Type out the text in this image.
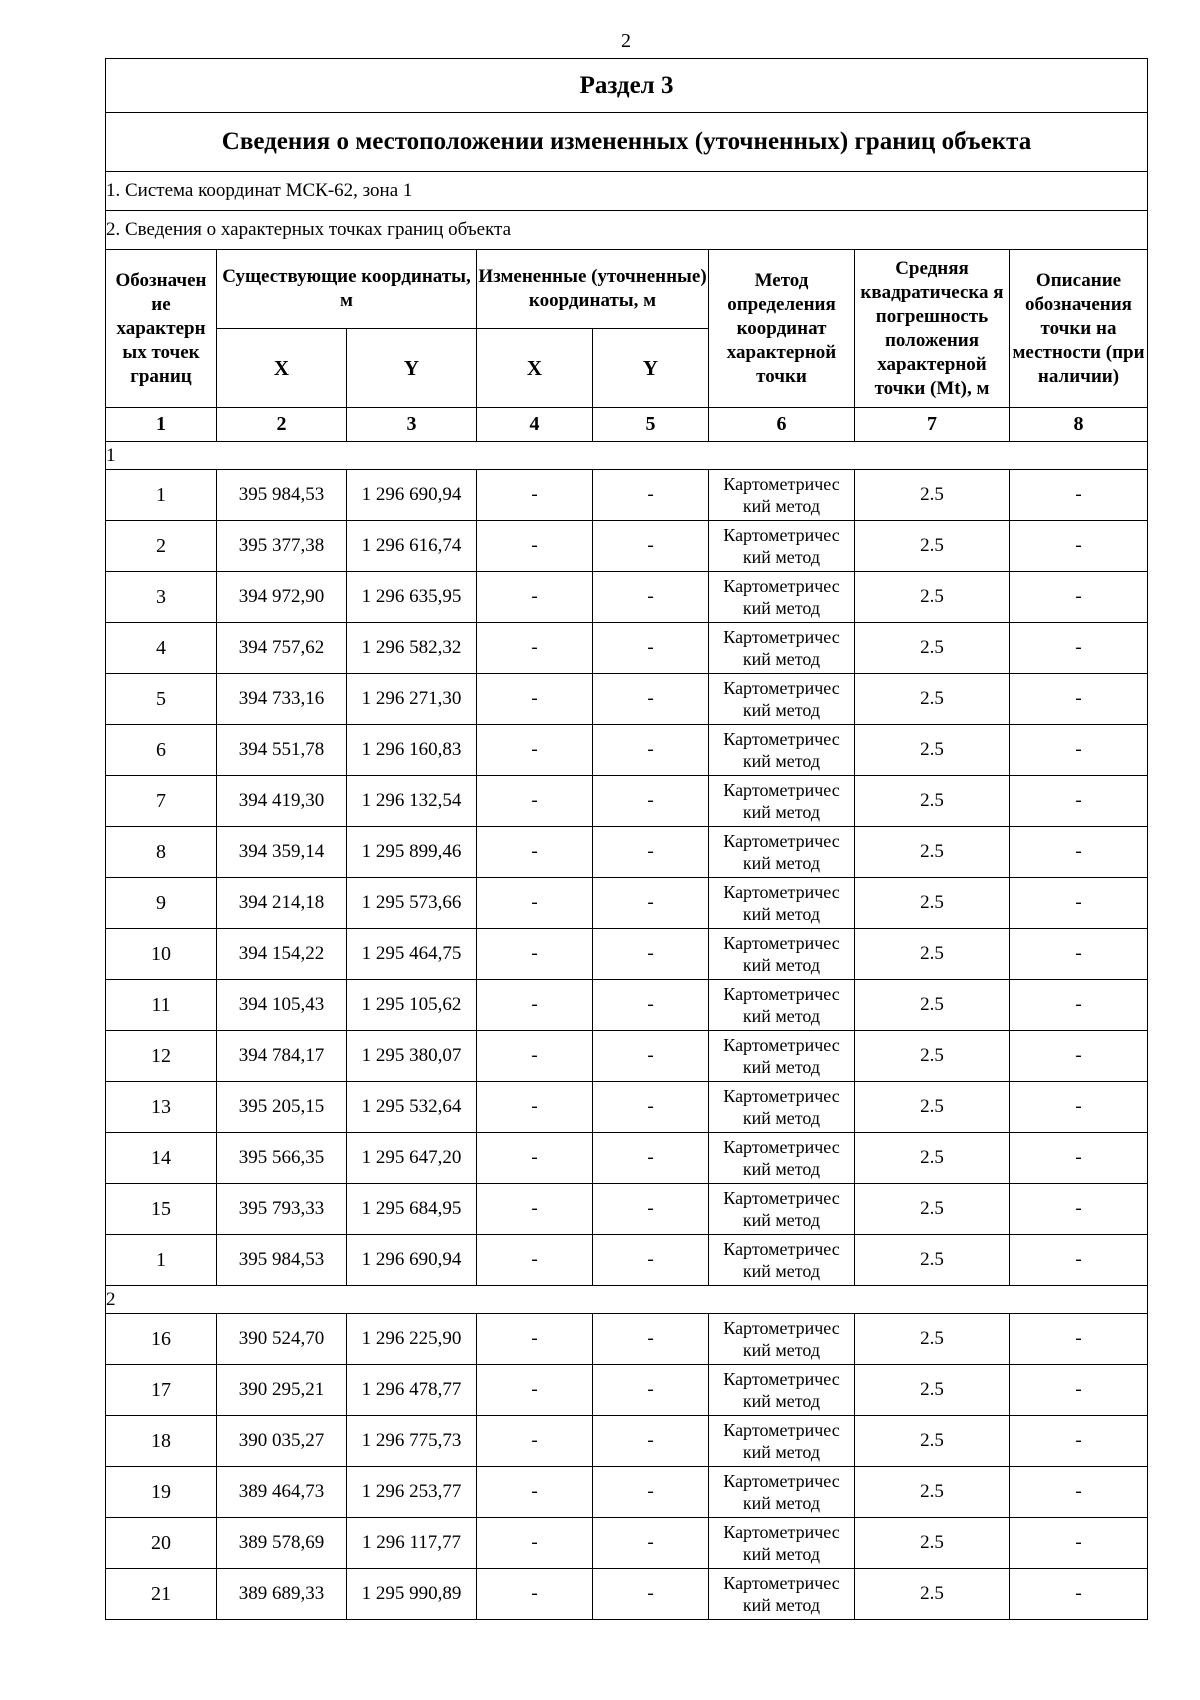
2
Раздел 3							
Сведения о местоположении измененных (уточненных) границ объекта							
1. Система координат МСК-62, зона 1							
2. Сведения о характерных точках границ объекта							
Обозначен ие характерн ых точек границ	Существующие координаты, м		Измененные (уточненные) координаты, м		Метод определения координат характерной точки	Средняя квадратическа я погрешность положения характерной точки (Mt), м	Описание обозначения точки на местности (при наличии)
	X	Y	X	Y			
1	2	3	4	5	6	7	8
1							
1	395 984,53	1 296 690,94	-	-	Картометричес кий метод	2.5	-
2	395 377,38	1 296 616,74	-	-	Картометричес кий метод	2.5	-
3	394 972,90	1 296 635,95	-	-	Картометричес кий метод	2.5	-
4	394 757,62	1 296 582,32	-	-	Картометричес кий метод	2.5	-
5	394 733,16	1 296 271,30	-	-	Картометричес кий метод	2.5	-
6	394 551,78	1 296 160,83	-	-	Картометричес кий метод	2.5	-
7	394 419,30	1 296 132,54	-	-	Картометричес кий метод	2.5	-
8	394 359,14	1 295 899,46	-	-	Картометричес кий метод	2.5	-
9	394 214,18	1 295 573,66	-	-	Картометричес кий метод	2.5	-
10	394 154,22	1 295 464,75	-	-	Картометричес кий метод	2.5	-
11	394 105,43	1 295 105,62	-	-	Картометричес кий метод	2.5	-
12	394 784,17	1 295 380,07	-	-	Картометричес кий метод	2.5	-
13	395 205,15	1 295 532,64	-	-	Картометричес кий метод	2.5	-
14	395 566,35	1 295 647,20	-	-	Картометричес кий метод	2.5	-
15	395 793,33	1 295 684,95	-	-	Картометричес кий метод	2.5	-
1	395 984,53	1 296 690,94	-	-	Картометричес кий метод	2.5	-
2							
16	390 524,70	1 296 225,90	-	-	Картометричес кий метод	2.5	-
17	390 295,21	1 296 478,77	-	-	Картометричес кий метод	2.5	-
18	390 035,27	1 296 775,73	-	-	Картометричес кий метод	2.5	-
19	389 464,73	1 296 253,77	-	-	Картометричес кий метод	2.5	-
20	389 578,69	1 296 117,77	-	-	Картометричес кий метод	2.5	-
21	389 689,33	1 295 990,89	-	-	Картометричес кий метод	2.5	-
